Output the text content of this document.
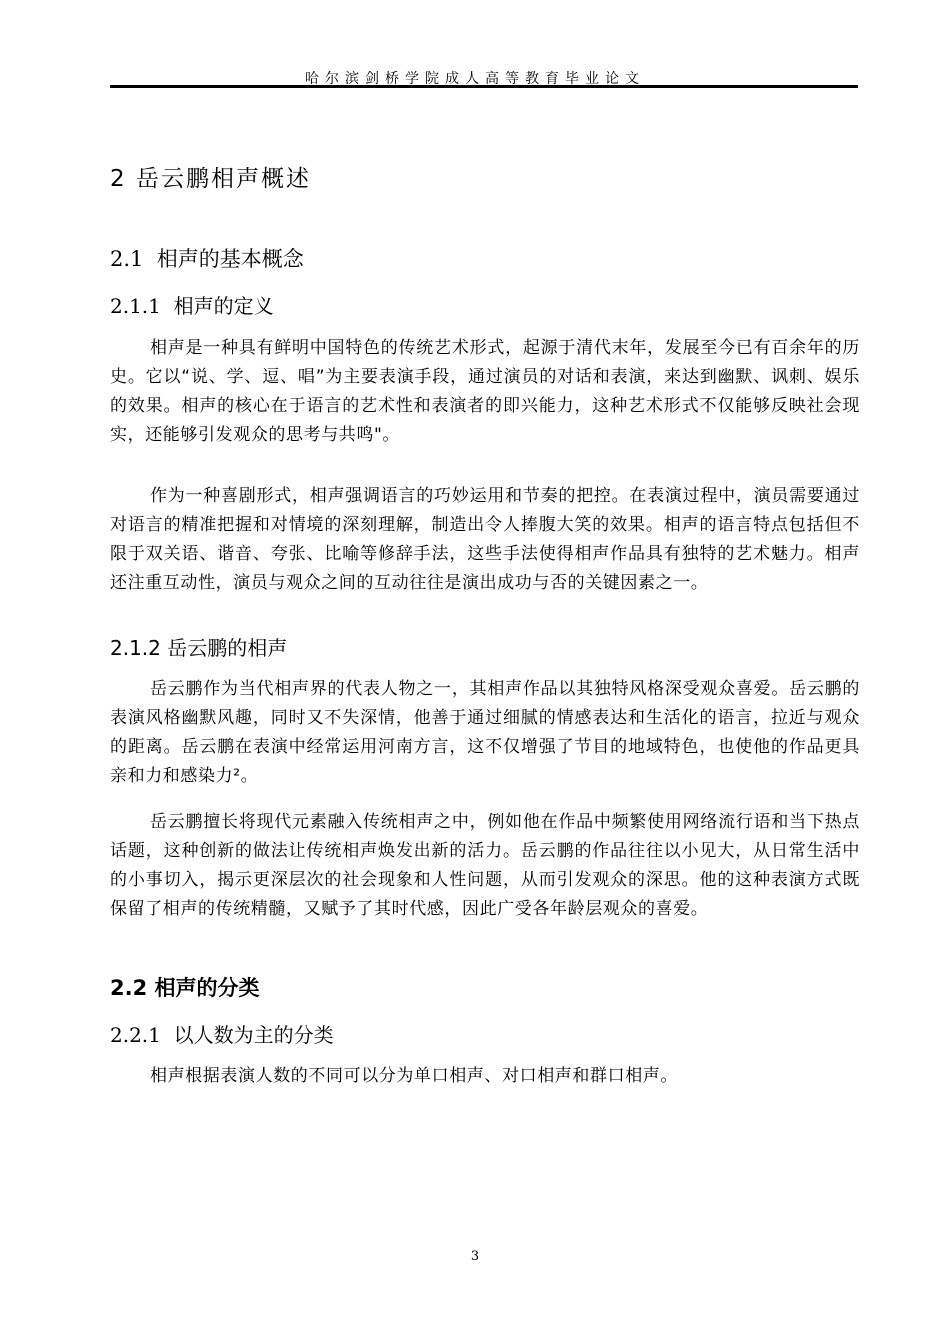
哈尔滨剑桥学院成人高等教育毕业论文
2 岳云鹏相声概述
2.1 相声的基本概念
2.1.1 相声的定义

相声是一种具有鲜明中国特色的传统艺术形式，起源于清代末年，发展至今已有百余年的历史。它以“说、学、逗、唱”为主要表演手段，通过演员的对话和表演，来达到幽默、讽刺、娱乐的效果。相声的核心在于语言的艺术性和表演者的即兴能力，这种艺术形式不仅能够反映社会现实，还能够引发观众的思考与共鸣"。

作为一种喜剧形式，相声强调语言的巧妙运用和节奏的把控。在表演过程中，演员需要通过对语言的精准把握和对情境的深刻理解，制造出令人捧腹大笑的效果。相声的语言特点包括但不限于双关语、谐音、夸张、比喻等修辞手法，这些手法使得相声作品具有独特的艺术魅力。相声还注重互动性，演员与观众之间的互动往往是演出成功与否的关键因素之一。

2.1.2 岳云鹏的相声

岳云鹏作为当代相声界的代表人物之一，其相声作品以其独特风格深受观众喜爱。岳云鹏的表演风格幽默风趣，同时又不失深情，他善于通过细腻的情感表达和生活化的语言，拉近与观众的距离。岳云鹏在表演中经常运用河南方言，这不仅增强了节目的地域特色，也使他的作品更具亲和力和感染力²。

岳云鹏擅长将现代元素融入传统相声之中，例如他在作品中频繁使用网络流行语和当下热点话题，这种创新的做法让传统相声焕发出新的活力。岳云鹏的作品往往以小见大，从日常生活中的小事切入，揭示更深层次的社会现象和人性问题，从而引发观众的深思。他的这种表演方式既保留了相声的传统精髓，又赋予了其时代感，因此广受各年龄层观众的喜爱。

2.2 相声的分类
2.2.1 以人数为主的分类

相声根据表演人数的不同可以分为单口相声、对口相声和群口相声。

3
